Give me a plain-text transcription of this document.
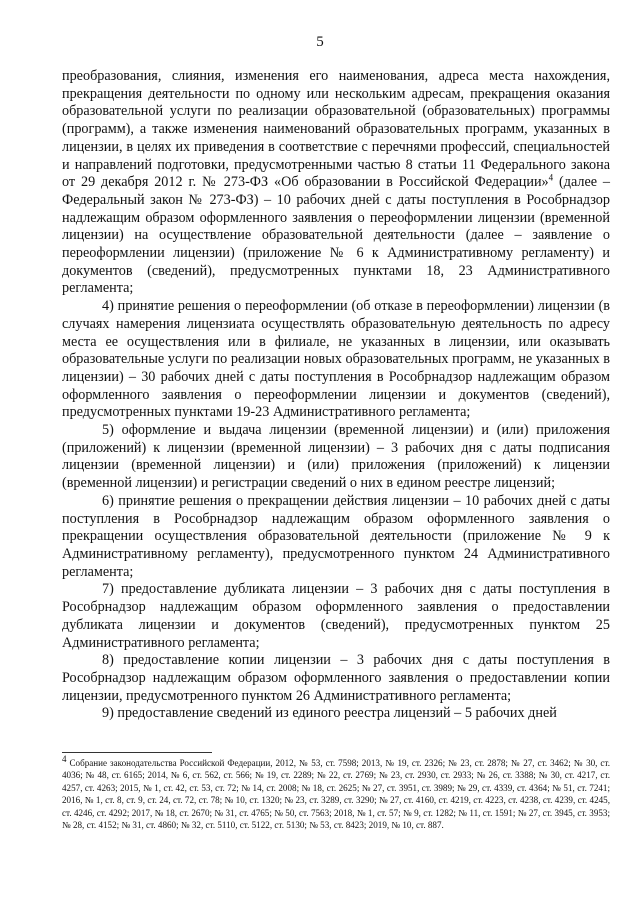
5

преобразования, слияния, изменения его наименования, адреса места нахождения, прекращения деятельности по одному или нескольким адресам, прекращения оказания образовательной услуги по реализации образовательной (образовательных) программы (программ), а также изменения наименований образовательных программ, указанных в лицензии, в целях их приведения в соответствие с перечнями профессий, специальностей и направлений подготовки, предусмотренными частью 8 статьи 11 Федерального закона от 29 декабря 2012 г. № 273-ФЗ «Об образовании в Российской Федерации»$^4$ (далее – Федеральный закон № 273-ФЗ) – 10 рабочих дней с даты поступления в Рособрнадзор надлежащим образом оформленного заявления о переоформлении лицензии (временной лицензии) на осуществление образовательной деятельности (далее – заявление о переоформлении лицензии) (приложение № 6 к Административному регламенту) и документов (сведений), предусмотренных пунктами 18, 23 Административного регламента;

4) принятие решения о переоформлении (об отказе в переоформлении) лицензии (в случаях намерения лицензиата осуществлять образовательную деятельность по адресу места ее осуществления или в филиале, не указанных в лицензии, или оказывать образовательные услуги по реализации новых образовательных программ, не указанных в лицензии) – 30 рабочих дней с даты поступления в Рособрнадзор надлежащим образом оформленного заявления о переоформлении лицензии и документов (сведений), предусмотренных пунктами 19-23 Административного регламента;

5) оформление и выдача лицензии (временной лицензии) и (или) приложения (приложений) к лицензии (временной лицензии) – 3 рабочих дня с даты подписания лицензии (временной лицензии) и (или) приложения (приложений) к лицензии (временной лицензии) и регистрации сведений о них в едином реестре лицензий;

6) принятие решения о прекращении действия лицензии – 10 рабочих дней с даты поступления в Рособрнадзор надлежащим образом оформленного заявления о прекращении осуществления образовательной деятельности (приложение № 9 к Административному регламенту), предусмотренного пунктом 24 Административного регламента;

7) предоставление дубликата лицензии – 3 рабочих дня с даты поступления в Рособрнадзор надлежащим образом оформленного заявления о предоставлении дубликата лицензии и документов (сведений), предусмотренных пунктом 25 Административного регламента;

8) предоставление копии лицензии – 3 рабочих дня с даты поступления в Рособрнадзор надлежащим образом оформленного заявления о предоставлении копии лицензии, предусмотренного пунктом 26 Административного регламента;

9) предоставление сведений из единого реестра лицензий – 5 рабочих дней

$^4$ Собрание законодательства Российской Федерации, 2012, № 53, ст. 7598; 2013, № 19, ст. 2326; № 23, ст. 2878; № 27, ст. 3462; № 30, ст. 4036; № 48, ст. 6165; 2014, № 6, ст. 562, ст. 566; № 19, ст. 2289; № 22, ст. 2769; № 23, ст. 2930, ст. 2933; № 26, ст. 3388; № 30, ст. 4217, ст. 4257, ст. 4263; 2015, № 1, ст. 42, ст. 53, ст. 72; № 14, ст. 2008; № 18, ст. 2625; № 27, ст. 3951, ст. 3989; № 29, ст. 4339, ст. 4364; № 51, ст. 7241; 2016, № 1, ст. 8, ст. 9, ст. 24, ст. 72, ст. 78; № 10, ст. 1320; № 23, ст. 3289, ст. 3290; № 27, ст. 4160, ст. 4219, ст. 4223, ст. 4238, ст. 4239, ст. 4245, ст. 4246, ст. 4292; 2017, № 18, ст. 2670; № 31, ст. 4765; № 50, ст. 7563; 2018, № 1, ст. 57; № 9, ст. 1282; № 11, ст. 1591; № 27, ст. 3945, ст. 3953; № 28, ст. 4152; № 31, ст. 4860; № 32, ст. 5110, ст. 5122, ст. 5130; № 53, ст. 8423; 2019, № 10, ст. 887.
